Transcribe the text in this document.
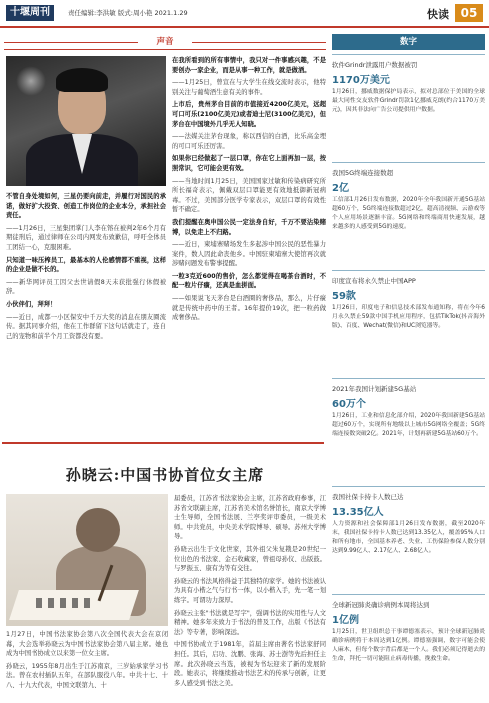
十堰周刊	责任编辑:李洪敏 版式:周小艳 2021.1.29	快读 05
声音
不管自身处境如何，三星仍要向前走，并履行对国民的承诺，做好扩大投资、创造工作岗位的企业本分，承担社会责任。
——1月26日，三星集团掌门人李在镕在被判2年6个月有期徒刑后，通过律师在公司内网发布致歉信，呼吁全体员工团结一心，克服困难。
只知道一味压榨员工，最基本的人伦感情都不重视，这样的企业是做不长的。
——新华网评员工因父去世请假8天未获批强行休假被辞。
小伙伴们，拜拜！
——近日，成都一小区保安中千万大奖的消息在朋友圈流传。据其同事介绍，他在工作群留下这句话就走了，连自己的宠物和前半个月工资都没有要。
在我所看到的所有事情中，我只对一件事感兴趣，不是要创办一家企业，而是从事一种工作，就是做酒。
——1月25日，曾宣在与大学生在线交流时表示，他特别关注与葡萄酒生意有关的事件。
上市后，贵州茅台目前的市值接近4200亿美元，远超可口可乐(2100亿美元)或者迪士尼(3100亿美元)，但茅台在中国境外几乎无人知晓。
——法媒关注茅台现象，称以西信的白酒，比乐高金埋的可口可乐还厉害。
如果你已经做起了一层口罩，你在它上面再加一层，按照常识，它可能会更有效。
——当地时间1月25日，美国国家过敏和传染病研究所所长福奇表示，佩戴双层口罩能更有效地抵御新冠病毒。不过，美国部分医学专家表示，双层口罩的有效性暂不确定。
我们提醒在奥申国公民一定法身自好，千万不要沾染赌博，以免走上不归路。
——近日，柬埔寨赌场发生多起涉中国公民的恶性暴力案件，数人因此命丧他乡。中国驻柬埔寨大使馆再次就涉赌问题发布警事提醒。
一粒3克近600的售价，怎么都觉得在喝茶台酒时，不配一粒片仔癀，还真是血拼面。
——如果说飞天茅台是白酒圈的奢侈品，那么，片仔癀就是传统中药中的王者。16年提价19次，把一粒药做成奢侈品。
孙晓云:中国书协首位女主席
1月27日，中国书法家协会第八次全国代表大会在京闭幕，大会选举孙晓云为中国书法家协会第八届主席。她也成为中国书协成立以来第一位女主席。
孙晓云，1955年8月出生于江苏南京，三岁始承家学习书法。曾在农村插队五年，在部队服役八年。中共十七、十八、十九大代表，中国文联第九、十
届委员，江苏省书法家协会主席，江苏省政府参事，江苏省文联副主席，江苏省美术馆名誉馆长，南京大学博士生导师，全国书法展、兰亭奖评审委员，一级美术师。中共党员，中央美术学院博导、硕导。苏州大学博导。
孙晓云出生于文化世家，其外祖父朱复戡是20世纪一位出色的书法家、金石收藏家，曾祖母孙仪、出版鼓。与罗振玉、康有为等有交往。
孙晓云的书法风格得益于其独特的家学。她的书法被认为具有小楷之气与行书一体，以小楷入手，先一笔一划练字。可谓功力深厚。
孙晓云主张"书法就是写字"，强调书法的实用性与人文精神。她多年来致力于书法的普及工作，出版《书法有法》等专著，影响深远。
中国书协成立于1981年，首届主席由著名书法家舒同担任。其后，启功、沈鹏、张海、苏士澍等先后担任主席。此次孙晓云当选，被视为书坛迎来了新的发展阶段。她表示，将继续推动书法艺术的传承与创新，让更多人感受到书法之美。
数字
软件Grindr泄露用户数据被罚
1170万美元
1月26日，挪威数据保护局表示，拟对总部位于美国的全球最大同性交友软件Grindr罚款1亿挪威克朗(约合1170万美元)，因其非法向广告公司提供用户数据。
我国5G终端连接数超
2亿
工信部1月26日发布数据，2020年全年我国新开通5G基站超60万个，5G终端连接数超过2亿，超高清视频、云游戏等个人应用场景逐渐丰富。5G网络和终端商用快速发展，越来越多的人感受到5G的速度。
印度宣布将永久禁止中国APP
59款
1月26日，印度电子和信息技术部发布通知称，将在今年6月永久禁止59款中国手机应用程序，包括TikTok(抖音海外版)、百度、Wechat(微信)和UC浏览器等。
2021年我国计划新建5G基站
60万个
1月26日，工业和信息化部介绍，2020年我国新建5G基站超过60万个，实现所有地级以上城市5G网络全覆盖；5G终端连接数突破2亿。2021年，计划再新建5G基站60万个。
我国社保卡持卡人数已达
13.35亿人
人力资源和社会保障部1月26日发布数据，截至2020年末，我国社保卡持卡人数已达到13.35亿人，覆盖95%人口和所有地市，全国基本养老、失业、工伤保险参保人数分别达到9.99亿人、2.17亿人、2.68亿人。
全球新冠肺炎确诊病例本周将达到
1亿例
1月25日，世卫组织总干事谭德塞表示，预计全球新冠肺炎确诊病例将于本周达到1亿例。谭德塞强调，数字可能会使人麻木，但每个数字背后都是一个人。我们必须记得逝去的生命，拜托一切可能阻止病毒传播，挽救生命。
